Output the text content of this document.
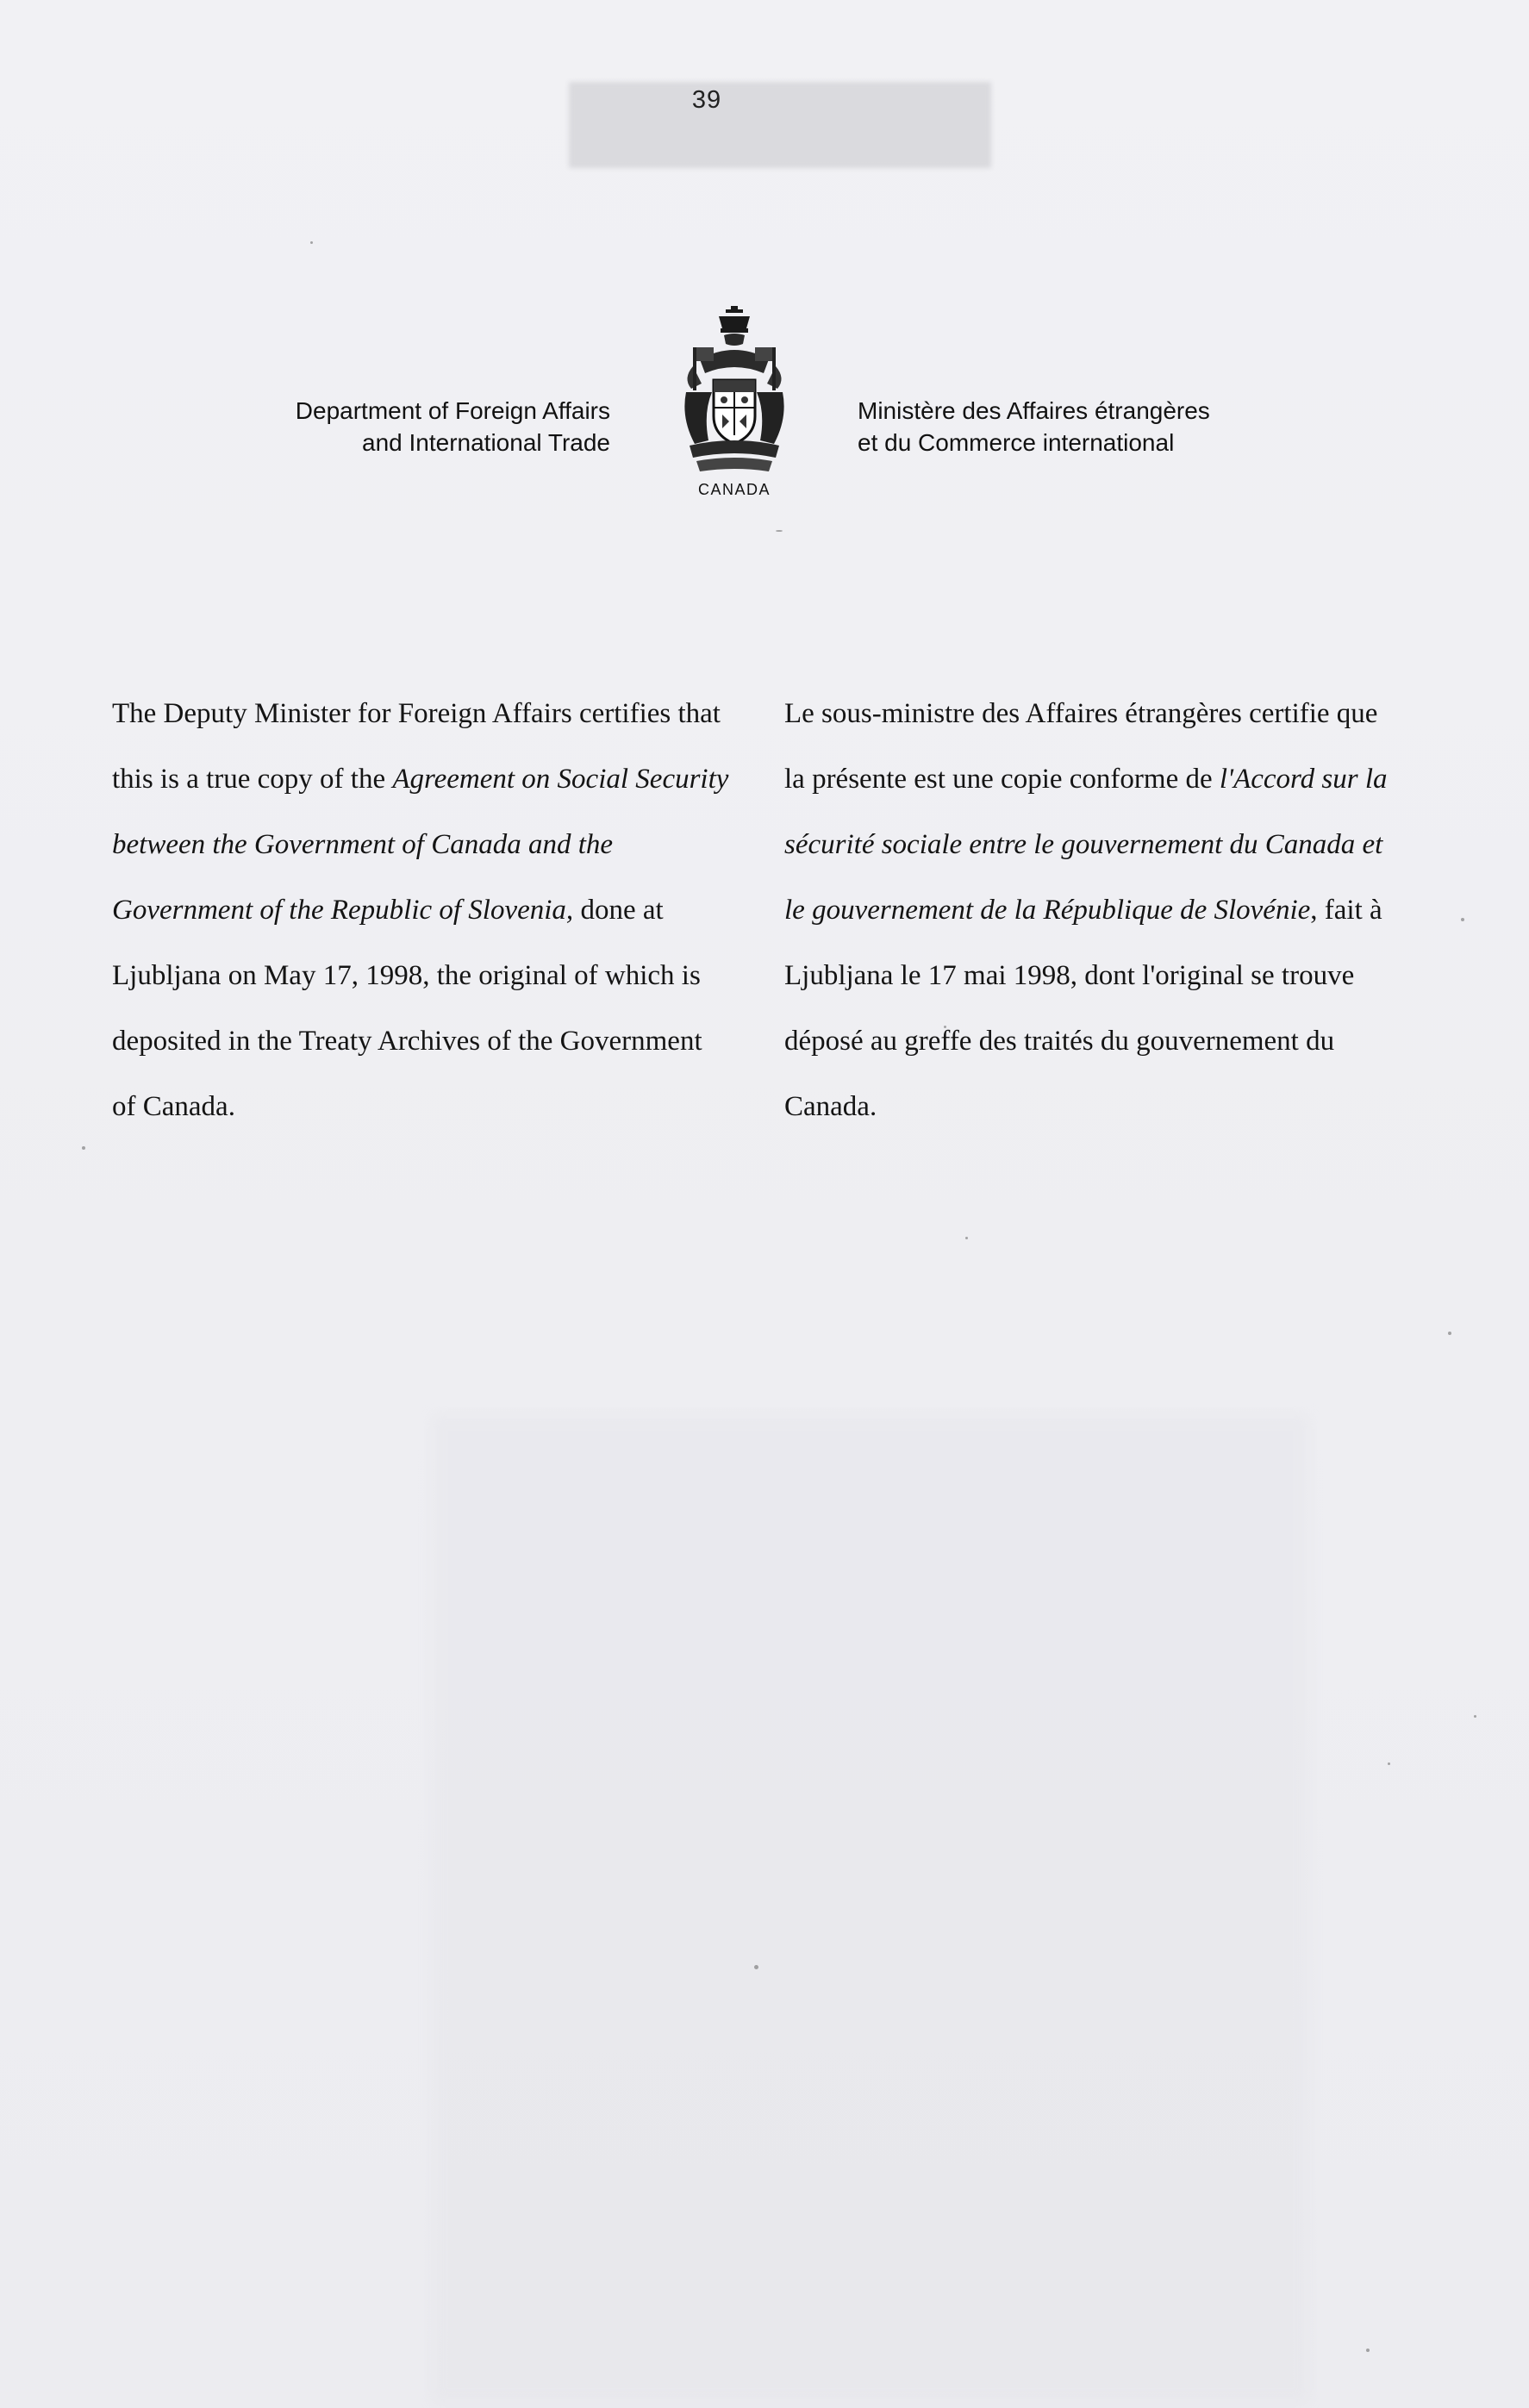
39
Department of Foreign Affairs
and International Trade
CANADA
Ministère des Affaires étrangères
et du Commerce international
The Deputy Minister for Foreign Affairs certifies that this is a true copy of the Agreement on Social Security between the Government of Canada and the Government of the Republic of Slovenia, done at Ljubljana on May 17, 1998, the original of which is deposited in the Treaty Archives of the Government of Canada.
Le sous-ministre des Affaires étrangères certifie que la présente est une copie conforme de l'Accord sur la sécurité sociale entre le gouvernement du Canada et le gouvernement de la République de Slovénie, fait à Ljubljana le 17 mai 1998, dont l'original se trouve déposé au greffe des traités du gouvernement du Canada.
